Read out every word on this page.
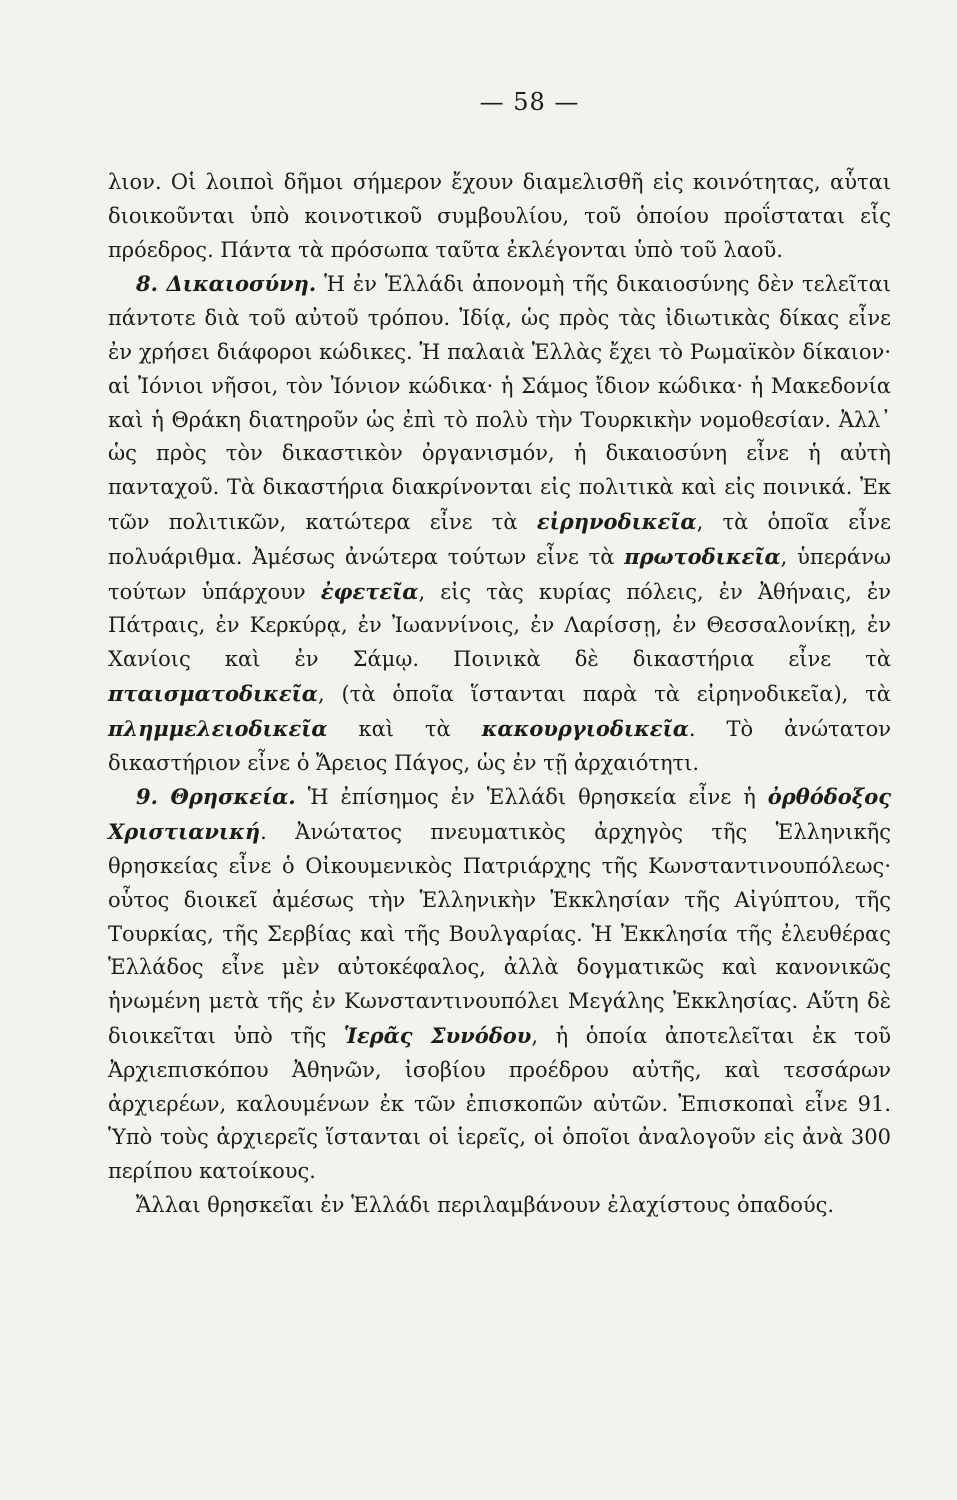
— 58 —

λιον. Οἱ λοιποὶ δῆμοι σήμερον ἔχουν διαμελισθῆ εἰς κοινότητας, αὗται διοικοῦνται ὑπὸ κοινοτικοῦ συμβουλίου, τοῦ ὁποίου προΐσταται εἷς πρόεδρος. Πάντα τὰ πρόσωπα ταῦτα ἐκλέγονται ὑπὸ τοῦ λαοῦ.

8. Δικαιοσύνη. Ἡ ἐν Ἑλλάδι ἀπονομὴ τῆς δικαιοσύνης δὲν τελεῖται πάντοτε διὰ τοῦ αὐτοῦ τρόπου. Ἰδίᾳ, ὡς πρὸς τὰς ἰδιωτικὰς δίκας εἶνε ἐν χρήσει διάφοροι κώδικες. Ἡ παλαιὰ Ἑλλὰς ἔχει τὸ Ρωμαϊκὸν δίκαιον· αἱ Ἰόνιοι νῆσοι, τὸν Ἰόνιον κώδικα· ἡ Σάμος ἴδιον κώδικα· ἡ Μακεδονία καὶ ἡ Θράκη διατηροῦν ὡς ἐπὶ τὸ πολὺ τὴν Τουρκικὴν νομοθεσίαν. Ἀλλ᾿ ὡς πρὸς τὸν δικαστικὸν ὀργανισμόν, ἡ δικαιοσύνη εἶνε ἡ αὐτὴ πανταχοῦ. Τὰ δικαστήρια διακρίνονται εἰς πολιτικὰ καὶ εἰς ποινικά. Ἐκ τῶν πολιτικῶν, κατώτερα εἶνε τὰ εἰρηνοδικεῖα, τὰ ὁποῖα εἶνε πολυάριθμα. Ἀμέσως ἀνώτερα τούτων εἶνε τὰ πρωτοδικεῖα, ὑπεράνω τούτων ὑπάρχουν ἐφετεῖα, εἰς τὰς κυρίας πόλεις, ἐν Ἀθήναις, ἐν Πάτραις, ἐν Κερκύρᾳ, ἐν Ἰωαννίνοις, ἐν Λαρίσσῃ, ἐν Θεσσαλονίκῃ, ἐν Χανίοις καὶ ἐν Σάμῳ. Ποινικὰ δὲ δικαστήρια εἶνε τὰ πταισματοδικεῖα, (τὰ ὁποῖα ἵστανται παρὰ τὰ εἰρηνοδικεῖα), τὰ πλημμελειοδικεῖα καὶ τὰ κακουργιοδικεῖα. Τὸ ἀνώτατον δικαστήριον εἶνε ὁ Ἄρειος Πάγος, ὡς ἐν τῇ ἀρχαιότητι.

9. Θρησκεία. Ἡ ἐπίσημος ἐν Ἑλλάδι θρησκεία εἶνε ἡ ὀρθόδοξος Χριστιανική. Ἀνώτατος πνευματικὸς ἀρχηγὸς τῆς Ἑλληνικῆς θρησκείας εἶνε ὁ Οἰκουμενικὸς Πατριάρχης τῆς Κωνσταντινουπόλεως· οὗτος διοικεῖ ἀμέσως τὴν Ἑλληνικὴν Ἐκκλησίαν τῆς Αἰγύπτου, τῆς Τουρκίας, τῆς Σερβίας καὶ τῆς Βουλγαρίας. Ἡ Ἐκκλησία τῆς ἐλευθέρας Ἑλλάδος εἶνε μὲν αὐτοκέφαλος, ἀλλὰ δογματικῶς καὶ κανονικῶς ἡνωμένη μετὰ τῆς ἐν Κωνσταντινουπόλει Μεγάλης Ἐκκλησίας. Αὕτη δὲ διοικεῖται ὑπὸ τῆς Ἱερᾶς Συνόδου, ἡ ὁποία ἀποτελεῖται ἐκ τοῦ Ἀρχιεπισκόπου Ἀθηνῶν, ἰσοβίου προέδρου αὐτῆς, καὶ τεσσάρων ἀρχιερέων, καλουμένων ἐκ τῶν ἐπισκοπῶν αὐτῶν. Ἐπισκοπαὶ εἶνε 91. Ὑπὸ τοὺς ἀρχιερεῖς ἵστανται οἱ ἱερεῖς, οἱ ὁποῖοι ἀναλογοῦν εἰς ἀνὰ 300 περίπου κατοίκους.

Ἄλλαι θρησκεῖαι ἐν Ἑλλάδι περιλαμβάνουν ἐλαχίστους ὀπαδούς.
